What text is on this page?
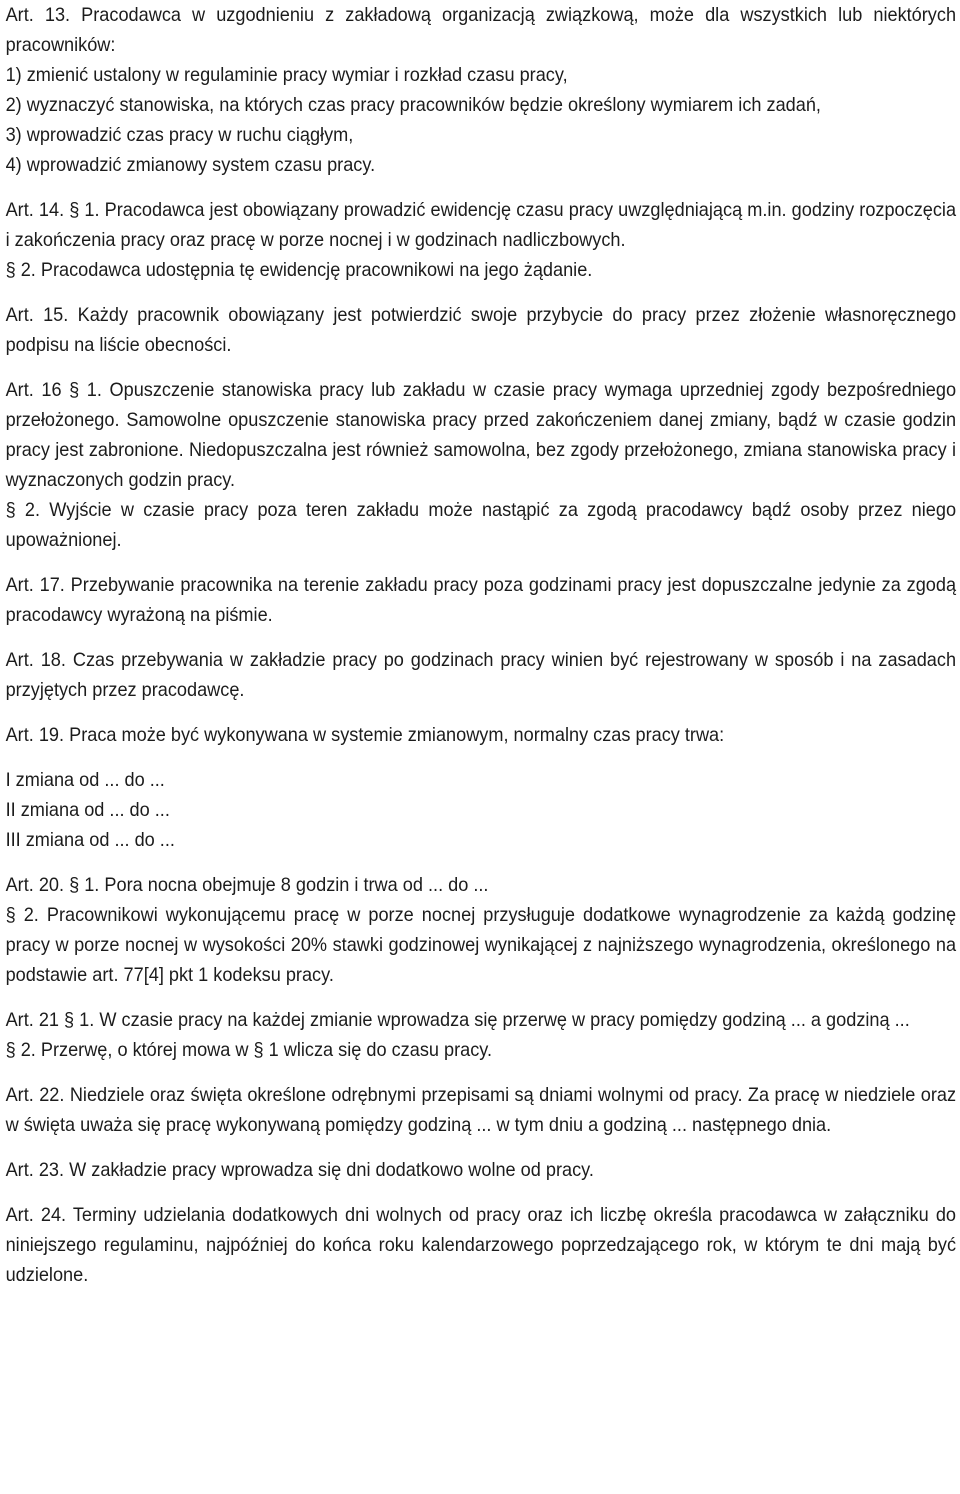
Art. 13. Pracodawca w uzgodnieniu z zakładową organizacją związkową, może dla wszystkich lub niektórych pracowników:

1) zmienić ustalony w regulaminie pracy wymiar i rozkład czasu pracy,

2) wyznaczyć stanowiska, na których czas pracy pracowników będzie określony wymiarem ich zadań,

3) wprowadzić czas pracy w ruchu ciągłym,

4) wprowadzić zmianowy system czasu pracy.

Art. 14. § 1. Pracodawca jest obowiązany prowadzić ewidencję czasu pracy uwzględniającą m.in. godziny rozpoczęcia i zakończenia pracy oraz pracę w porze nocnej i w godzinach nadliczbowych.

§ 2. Pracodawca udostępnia tę ewidencję pracownikowi na jego żądanie.

Art. 15. Każdy pracownik obowiązany jest potwierdzić swoje przybycie do pracy przez złożenie własnoręcznego podpisu na liście obecności.

Art. 16 § 1. Opuszczenie stanowiska pracy lub zakładu w czasie pracy wymaga uprzedniej zgody bezpośredniego przełożonego. Samowolne opuszczenie stanowiska pracy przed zakończeniem danej zmiany, bądź w czasie godzin pracy jest zabronione. Niedopuszczalna jest również samowolna, bez zgody przełożonego, zmiana stanowiska pracy i wyznaczonych godzin pracy.

§ 2. Wyjście w czasie pracy poza teren zakładu może nastąpić za zgodą pracodawcy bądź osoby przez niego upoważnionej.

Art. 17. Przebywanie pracownika na terenie zakładu pracy poza godzinami pracy jest dopuszczalne jedynie za zgodą pracodawcy wyrażoną na piśmie.

Art. 18. Czas przebywania w zakładzie pracy po godzinach pracy winien być rejestrowany w sposób i na zasadach przyjętych przez pracodawcę.

Art. 19. Praca może być wykonywana w systemie zmianowym, normalny czas pracy trwa:

I zmiana od ... do ...

II zmiana od ... do ...

III zmiana od ... do ...

Art. 20. § 1. Pora nocna obejmuje 8 godzin i trwa od ... do ...

§ 2. Pracownikowi wykonującemu pracę w porze nocnej przysługuje dodatkowe wynagrodzenie za każdą godzinę pracy w porze nocnej w wysokości 20% stawki godzinowej wynikającej z najniższego wynagrodzenia, określonego na podstawie art. 77[4] pkt 1 kodeksu pracy.

Art. 21 § 1. W czasie pracy na każdej zmianie wprowadza się przerwę w pracy pomiędzy godziną ... a godziną ...

§ 2. Przerwę, o której mowa w § 1 wlicza się do czasu pracy.

Art. 22. Niedziele oraz święta określone odrębnymi przepisami są dniami wolnymi od pracy. Za pracę w niedziele oraz w święta uważa się pracę wykonywaną pomiędzy godziną ... w tym dniu a godziną ... następnego dnia.

Art. 23. W zakładzie pracy wprowadza się dni dodatkowo wolne od pracy.

Art. 24. Terminy udzielania dodatkowych dni wolnych od pracy oraz ich liczbę określa pracodawca w załączniku do niniejszego regulaminu, najpóźniej do końca roku kalendarzowego poprzedzającego rok, w którym te dni mają być udzielone.
